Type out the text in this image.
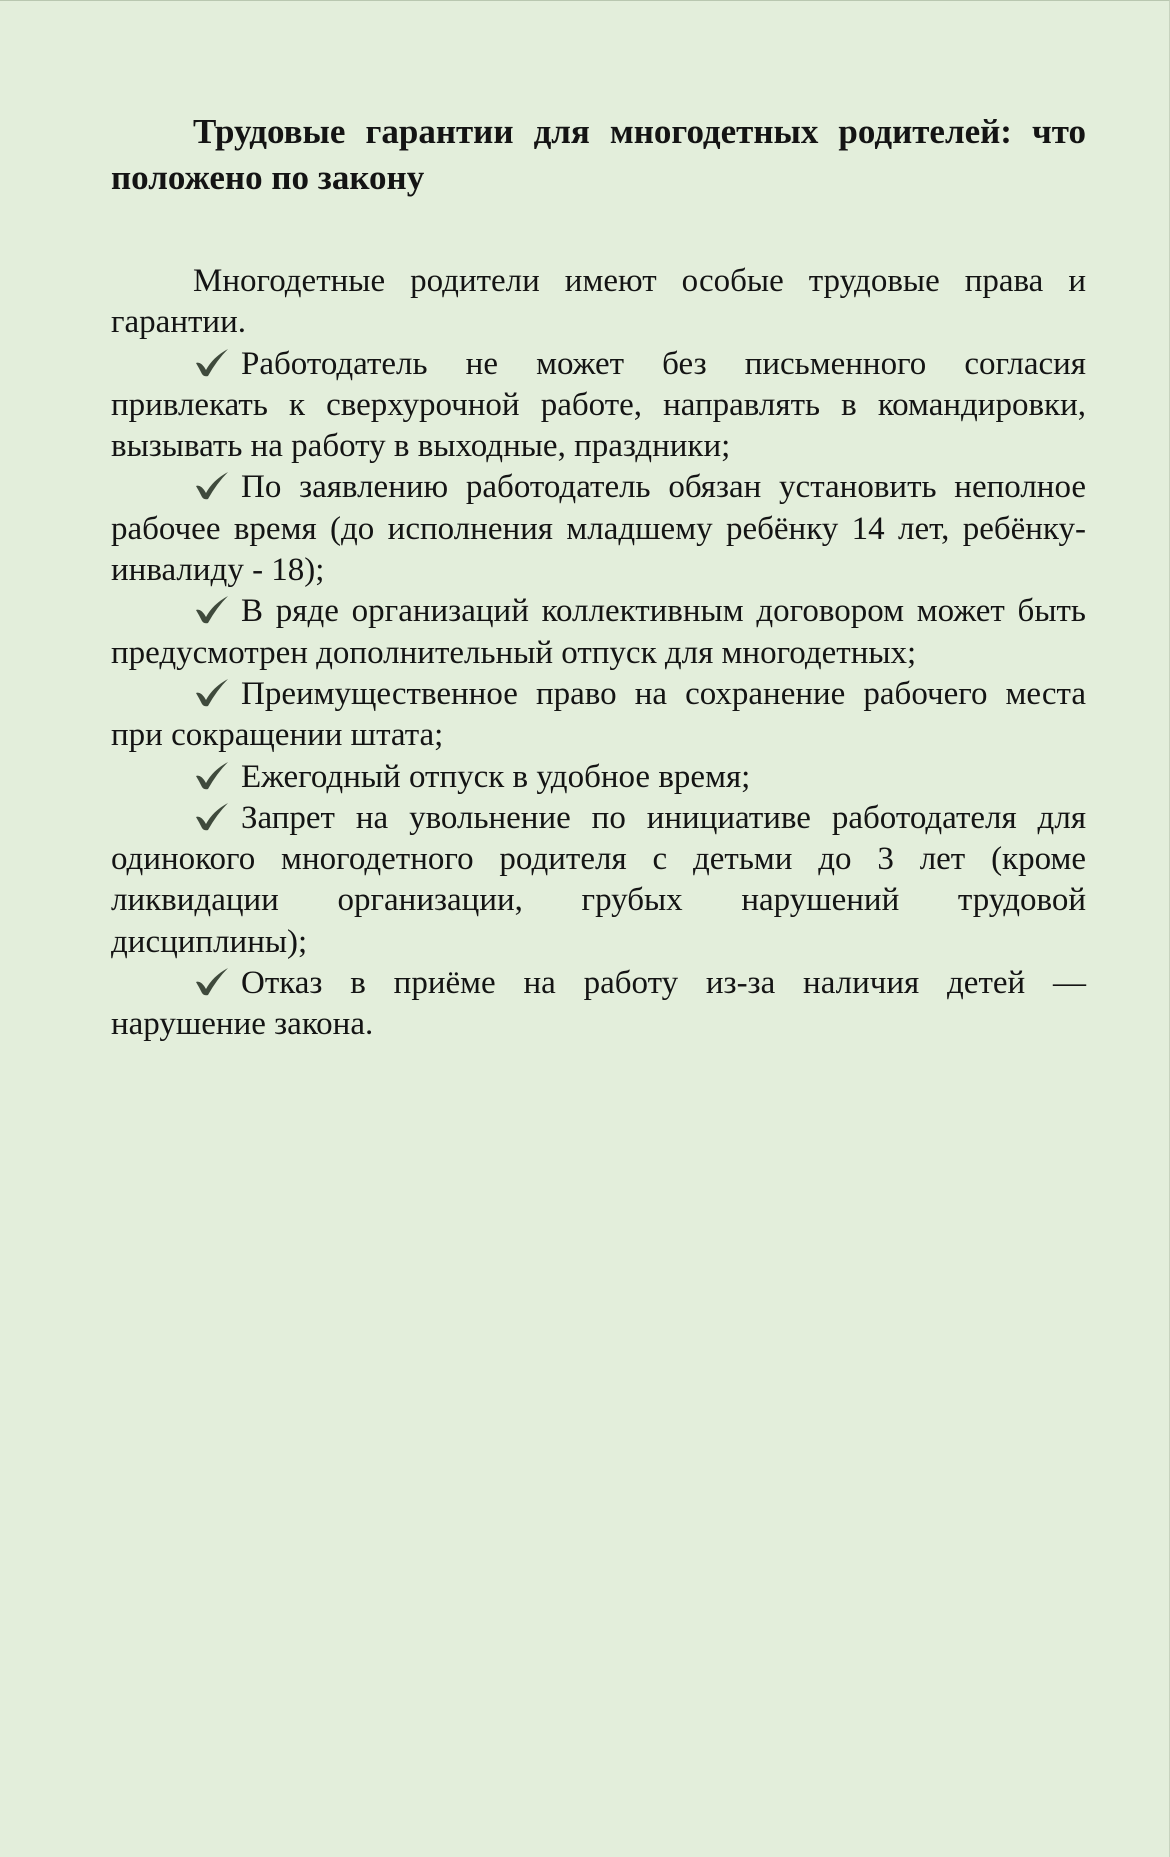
Трудовые гарантии для многодетных родителей: что положено по закону

Многодетные родители имеют особые трудовые права и гарантии.

Работодатель не может без письменного согласия привлекать к сверхурочной работе, направлять в командировки, вызывать на работу в выходные, праздники;
По заявлению работодатель обязан установить неполное рабочее время (до исполнения младшему ребёнку 14 лет, ребёнку-инвалиду - 18);
В ряде организаций коллективным договором может быть предусмотрен дополнительный отпуск для многодетных;
Преимущественное право на сохранение рабочего места при сокращении штата;
Ежегодный отпуск в удобное время;
Запрет на увольнение по инициативе работодателя для одинокого многодетного родителя с детьми до 3 лет (кроме ликвидации организации, грубых нарушений трудовой дисциплины);
Отказ в приёме на работу из-за наличия детей — нарушение закона.
